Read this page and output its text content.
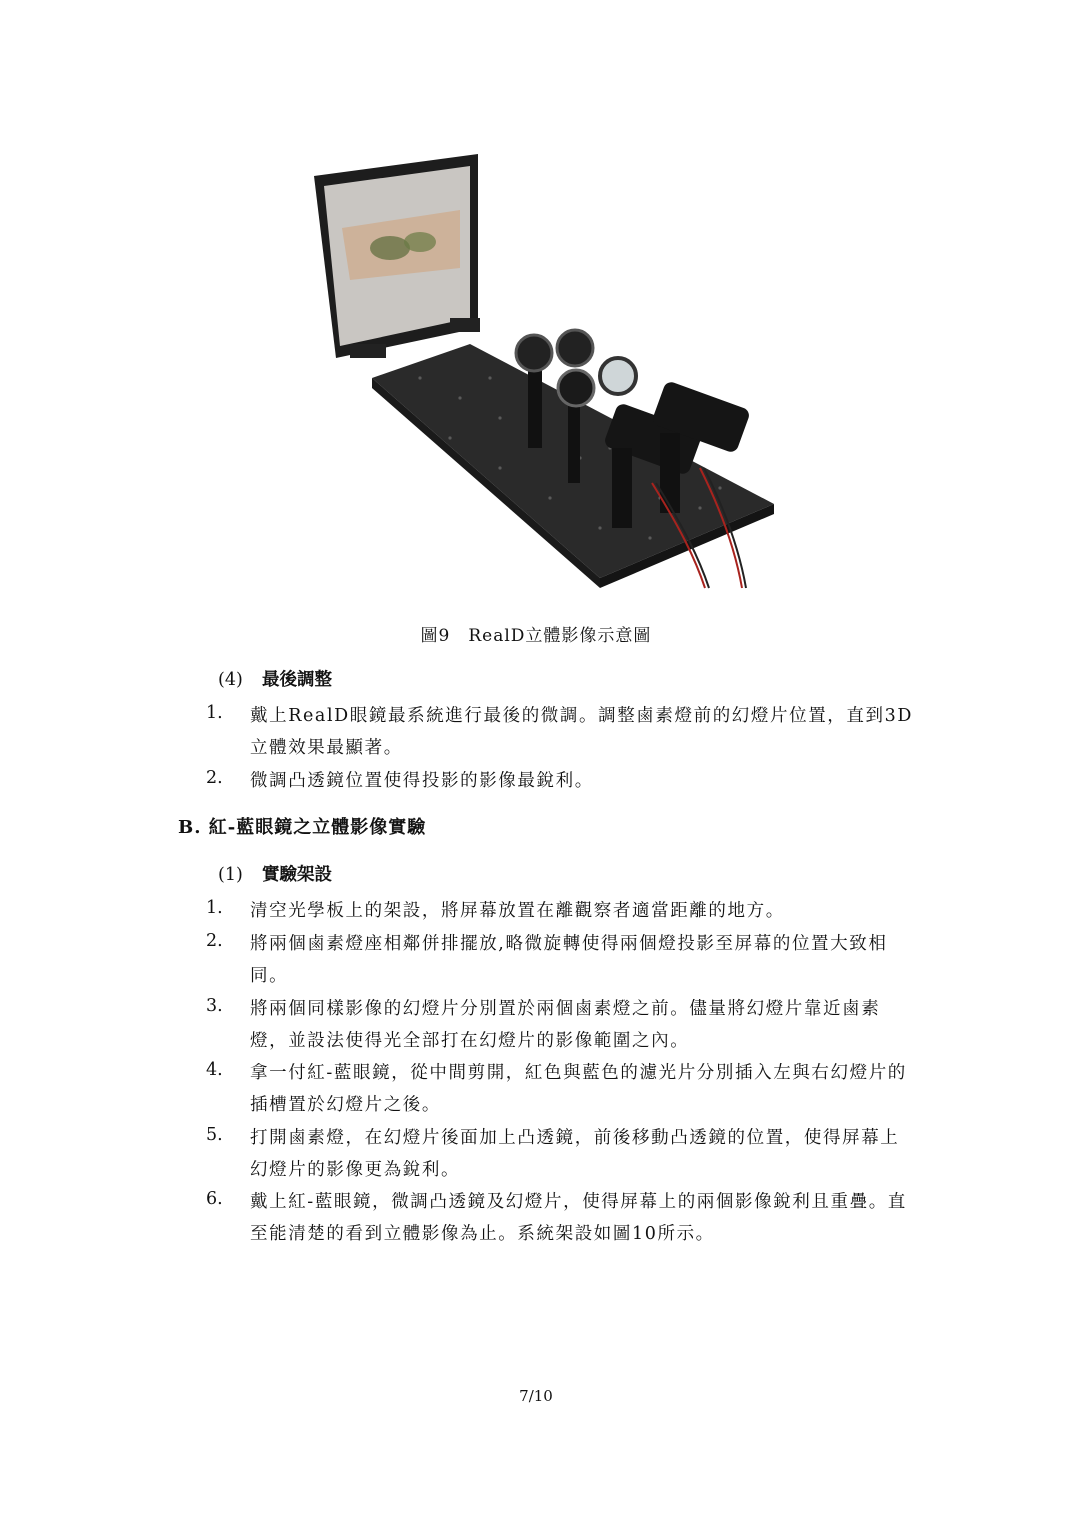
圖9　RealD立體影像示意圖
(4) 最後調整
1. 戴上RealD眼鏡最系統進行最後的微調。調整鹵素燈前的幻燈片位置，直到3D立體效果最顯著。
2. 微調凸透鏡位置使得投影的影像最銳利。
B. 紅-藍眼鏡之立體影像實驗
(1) 實驗架設
1. 清空光學板上的架設，將屏幕放置在離觀察者適當距離的地方。
2. 將兩個鹵素燈座相鄰併排擺放,略微旋轉使得兩個燈投影至屏幕的位置大致相同。
3. 將兩個同樣影像的幻燈片分別置於兩個鹵素燈之前。儘量將幻燈片靠近鹵素燈，並設法使得光全部打在幻燈片的影像範圍之內。
4. 拿一付紅-藍眼鏡，從中間剪開，紅色與藍色的濾光片分別插入左與右幻燈片的插槽置於幻燈片之後。
5. 打開鹵素燈，在幻燈片後面加上凸透鏡，前後移動凸透鏡的位置，使得屏幕上幻燈片的影像更為銳利。
6. 戴上紅-藍眼鏡，微調凸透鏡及幻燈片，使得屏幕上的兩個影像銳利且重疊。直至能清楚的看到立體影像為止。系統架設如圖10所示。
7/10
